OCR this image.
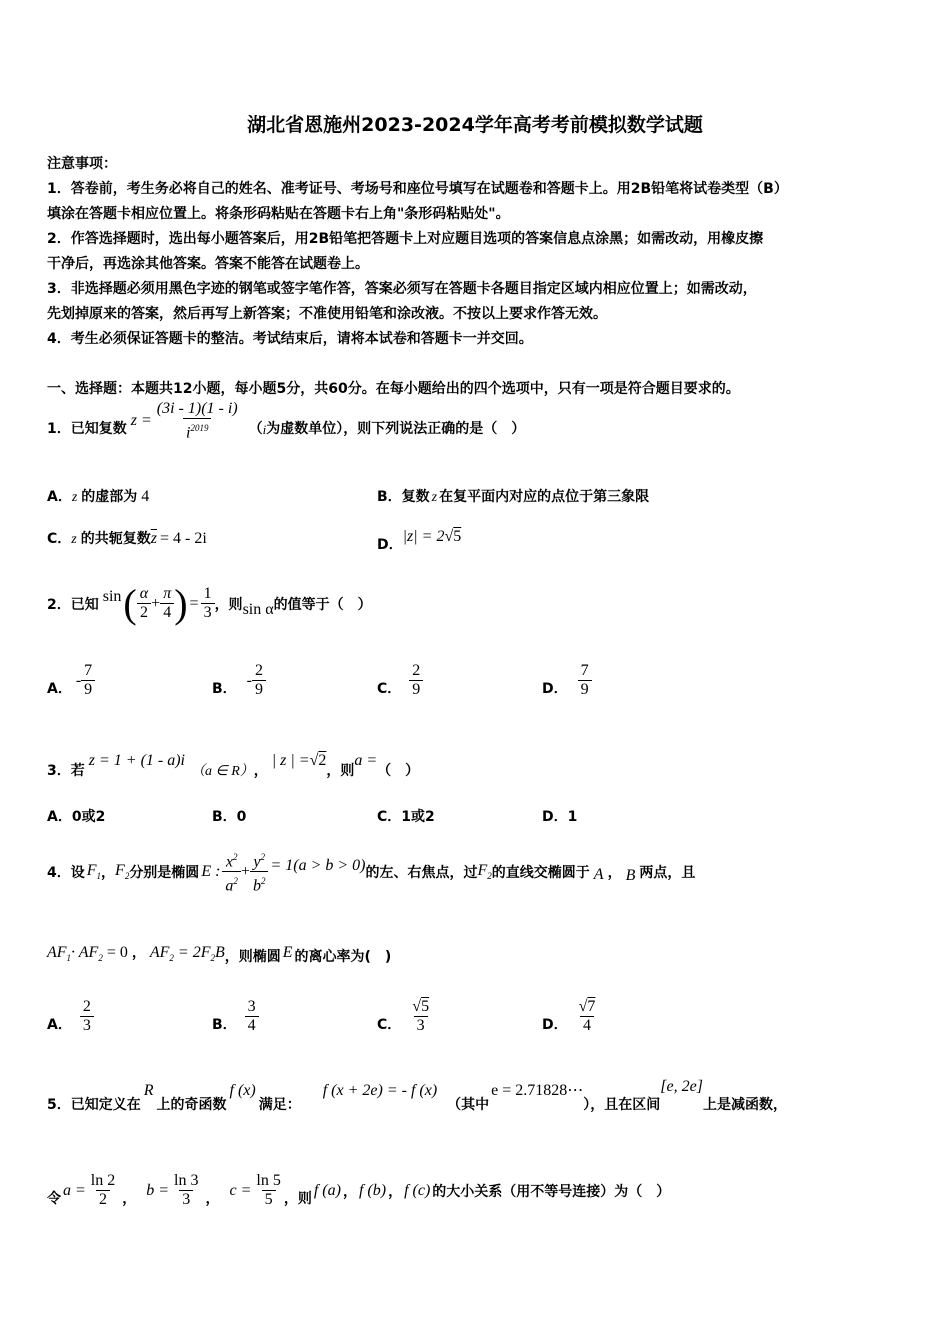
湖北省恩施州2023-2024学年高考考前模拟数学试题
注意事项：
1．答卷前，考生务必将自己的姓名、准考证号、考场号和座位号填写在试题卷和答题卡上。用2B铅笔将试卷类型（B）
填涂在答题卡相应位置上。将条形码粘贴在答题卡右上角"条形码粘贴处"。
2．作答选择题时，选出每小题答案后，用2B铅笔把答题卡上对应题目选项的答案信息点涂黑；如需改动，用橡皮擦
干净后，再选涂其他答案。答案不能答在试题卷上。
3．非选择题必须用黑色字迹的钢笔或签字笔作答，答案必须写在答题卡各题目指定区域内相应位置上；如需改动，
先划掉原来的答案，然后再写上新答案；不准使用铅笔和涂改液。不按以上要求作答无效。
4．考生必须保证答题卡的整洁。考试结束后，请将本试卷和答题卡一并交回。
一、选择题：本题共12小题，每小题5分，共60分。在每小题给出的四个选项中，只有一项是符合题目要求的。
1．已知复数 $z = \frac{(3i - 1)(1 - i)}{i^{2019}}$ （ i 为虚数单位），则下列说法正确的是（　）
A．z 的虚部为 4	B．复数 z 在复平面内对应的点位于第三象限
C．z 的共轭复数$\overline{z} = 4 - 2i$	D．|z| = 2√5
2．已知 sin ( $\frac{\alpha}{2} + \frac{\pi}{4}$ ) = $\frac{1}{3}$ ，则 sin α 的值等于（　）
A． - $\frac{7}{9}$	B． - $\frac{2}{9}$	C． $\frac{2}{9}$	D． $\frac{7}{9}$
3．若
z = 1 + (1 - a)i
（a ∈ R） ，
| z | = √ 2
，则
a =
（　）
A．0或2	B．0	C．1或2	D．1
4．设 $F_1$ ， $F_2$ 分别是椭圆 E : $\frac{x^2}{a^2} + \frac{y^2}{b^2} = 1(a > b > 0)$ 的左、右焦点，过 $F_2$ 的直线交椭圆于 A ， B 两点，且
$AF_1\cdot AF_2 = 0$ ， $AF_2 = 2F_2B$ ，则椭圆 E 的离心率为(　)
A． $\frac{2}{3}$	B． $\frac{3}{4}$	C． $\frac{√5}{3}$	D． $\frac{√7}{4}$
5．已知定义在
R
上的奇函数
f (x)
满足：
f (x + 2e) = - f (x)
（其中
e = 2.71828⋯
），且在区间
[e, 2e]
上是减函数，
令 $a = \frac{\ln 2}{2}$ ， $b = \frac{\ln 3}{3}$ ， $c = \frac{\ln 5}{5}$ ，则 f (a) ， f (b) ， f (c) 的大小关系（用不等号连接）为（　）
